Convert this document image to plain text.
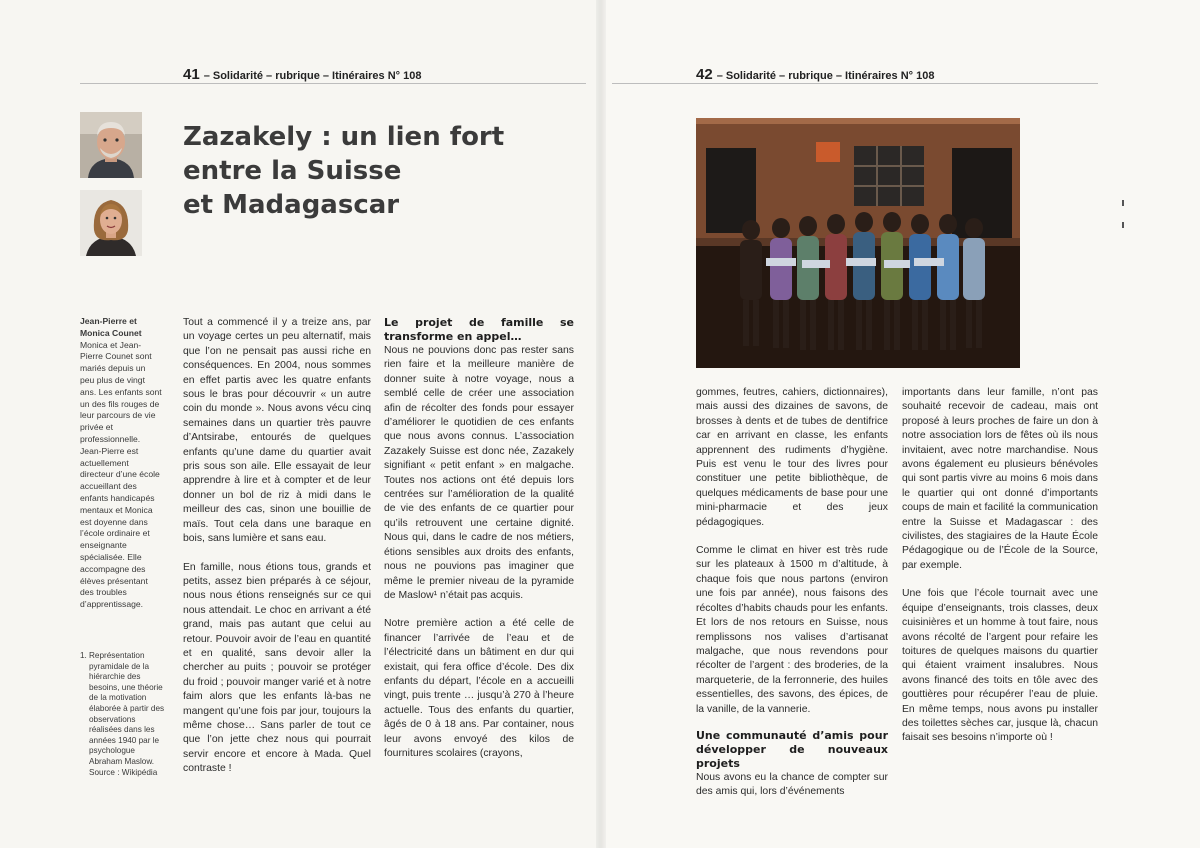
41 – Solidarité – rubrique – Itinéraires N° 108
Zazakely : un lien fort
entre la Suisse
et Madagascar
Jean-Pierre et Monica Counet
Monica et Jean-Pierre Counet sont mariés depuis un peu plus de vingt ans. Les enfants sont un des fils rouges de leur parcours de vie privée et professionnelle. Jean-Pierre est actuellement directeur d’une école accueillant des enfants handicapés mentaux et Monica est doyenne dans l’école ordinaire et enseignante spécialisée. Elle accompagne des élèves présentant des troubles d’apprentissage.
1. Représentation pyramidale de la hiérarchie des besoins, une théorie de la motivation élaborée à partir des observations réalisées dans les années 1940 par le psychologue Abraham Maslow. Source : Wikipédia

Tout a commencé il y a treize ans, par un voyage certes un peu alternatif, mais que l’on ne pensait pas aussi riche en conséquences. En 2004, nous sommes en effet partis avec les quatre enfants sous le bras pour découvrir « un autre coin du monde ». Nous avons vécu cinq semaines dans un quartier très pauvre d’Antsirabe, entourés de quelques enfants qu’une dame du quartier avait pris sous son aile. Elle essayait de leur apprendre à lire et à compter et de leur donner un bol de riz à midi dans le meilleur des cas, sinon une bouillie de maïs. Tout cela dans une baraque en bois, sans lumière et sans eau.

En famille, nous étions tous, grands et petits, assez bien préparés à ce séjour, nous nous étions renseignés sur ce qui nous attendait. Le choc en arrivant a été grand, mais pas autant que celui au retour. Pouvoir avoir de l’eau en quantité et en qualité, sans devoir aller la chercher au puits ; pouvoir se protéger du froid ; pouvoir manger varié et à notre faim alors que les enfants là-bas ne mangent qu’une fois par jour, toujours la même chose… Sans parler de tout ce que l’on jette chez nous qui pourrait servir encore et encore à Mada. Quel contraste !

Le projet de famille se transforme en appel…

Nous ne pouvions donc pas rester sans rien faire et la meilleure manière de donner suite à notre voyage, nous a semblé celle de créer une association afin de récolter des fonds pour essayer d’améliorer le quotidien de ces enfants que nous avons connus. L’association Zazakely Suisse est donc née, Zazakely signifiant « petit enfant » en malgache. Toutes nos actions ont été depuis lors centrées sur l’amélioration de la qualité de vie des enfants de ce quartier pour qu’ils retrouvent une certaine dignité. Nous qui, dans le cadre de nos métiers, étions sensibles aux droits des enfants, nous ne pouvions pas imaginer que même le premier niveau de la pyramide de Maslow¹ n’était pas acquis.

Notre première action a été celle de financer l’arrivée de l’eau et de l’électricité dans un bâtiment en dur qui existait, qui fera office d’école. Des dix enfants du départ, l’école en a accueilli vingt, puis trente … jusqu’à 270 à l’heure actuelle. Tous des enfants du quartier, âgés de 0 à 18 ans. Par container, nous leur avons envoyé des kilos de fournitures scolaires (crayons,

42 – Solidarité – rubrique – Itinéraires N° 108

gommes, feutres, cahiers, dictionnaires), mais aussi des dizaines de savons, de brosses à dents et de tubes de dentifrice car en arrivant en classe, les enfants apprennent des rudiments d’hygiène. Puis est venu le tour des livres pour constituer une petite bibliothèque, de quelques médicaments de base pour une mini-pharmacie et des jeux pédagogiques.

Comme le climat en hiver est très rude sur les plateaux à 1500 m d’altitude, à chaque fois que nous partons (environ une fois par année), nous faisons des récoltes d’habits chauds pour les enfants. Et lors de nos retours en Suisse, nous remplissons nos valises d’artisanat malgache, que nous revendons pour récolter de l’argent : des broderies, de la marqueterie, de la ferronnerie, des huiles essentielles, des savons, des épices, de la vanille, de la vannerie.

Une communauté d’amis pour développer de nouveaux projets

Nous avons eu la chance de compter sur des amis qui, lors d’événements

importants dans leur famille, n’ont pas souhaité recevoir de cadeau, mais ont proposé à leurs proches de faire un don à notre association lors de fêtes où ils nous invitaient, avec notre marchandise. Nous avons également eu plusieurs bénévoles qui sont partis vivre au moins 6 mois dans le quartier qui ont donné d’importants coups de main et facilité la communication entre la Suisse et Madagascar : des civilistes, des stagiaires de la Haute École Pédagogique ou de l’École de la Source, par exemple.

Une fois que l’école tournait avec une équipe d’enseignants, trois classes, deux cuisinières et un homme à tout faire, nous avons récolté de l’argent pour refaire les toitures de quelques maisons du quartier qui étaient vraiment insalubres. Nous avons financé des toits en tôle avec des gouttières pour récupérer l’eau de pluie. En même temps, nous avons pu installer des toilettes sèches car, jusque là, chacun faisait ses besoins n’importe où !
